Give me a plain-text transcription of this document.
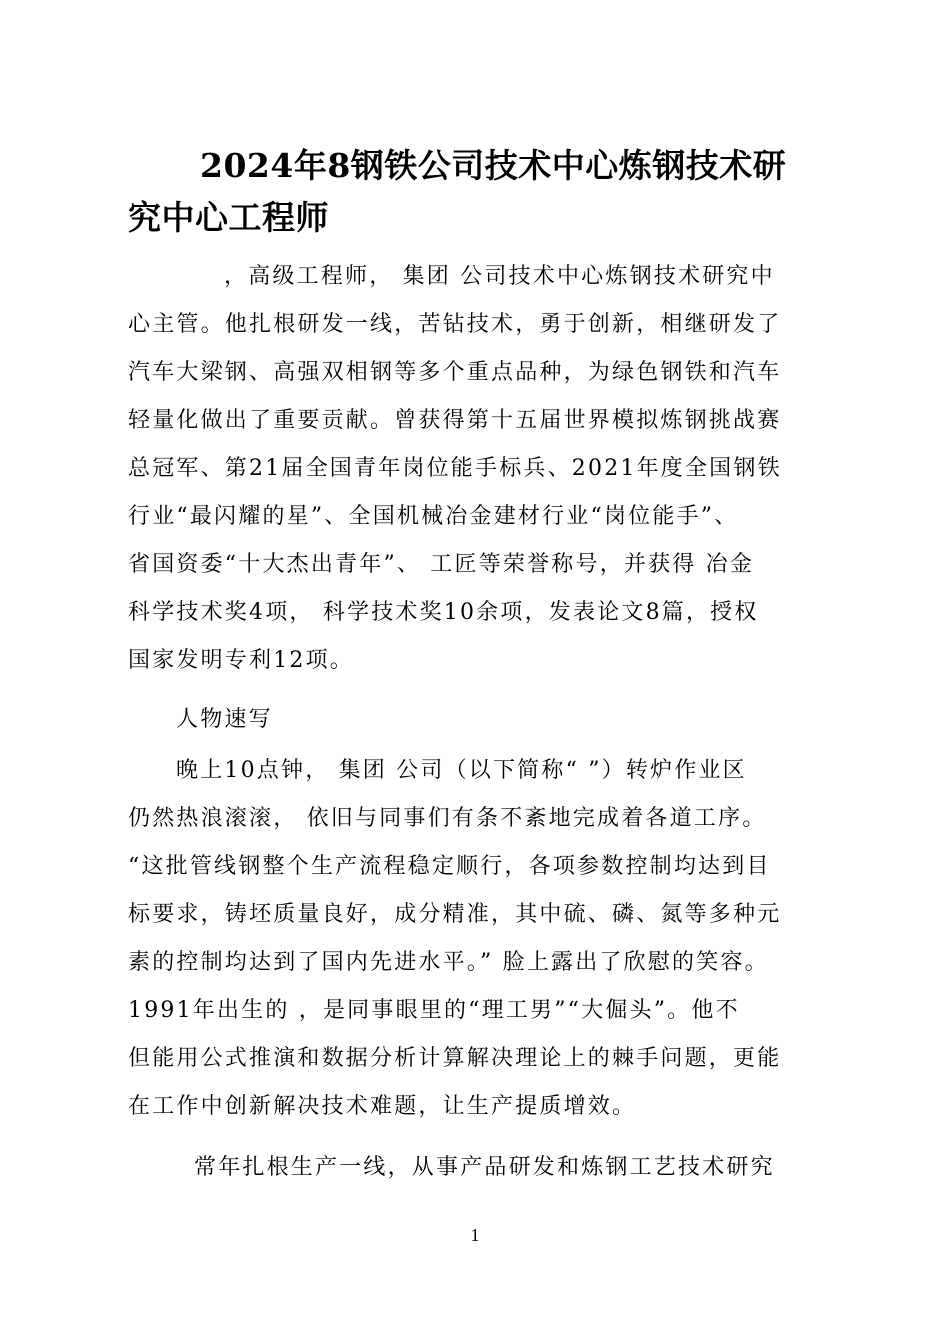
2024年8钢铁公司技术中心炼钢技术研
究中心工程师

，高级工程师， 集团 公司技术中心炼钢技术研究中

心主管。他扎根研发一线，苦钻技术，勇于创新，相继研发了

汽车大梁钢、高强双相钢等多个重点品种，为绿色钢铁和汽车

轻量化做出了重要贡献。曾获得第十五届世界模拟炼钢挑战赛

总冠军、第21届全国青年岗位能手标兵、2021年度全国钢铁

行业“最闪耀的星”、全国机械冶金建材行业“岗位能手”、

省国资委“十大杰出青年”、 工匠等荣誉称号，并获得 冶金

科学技术奖4项， 科学技术奖10余项，发表论文8篇，授权

国家发明专利12项。

人物速写

晚上10点钟， 集团 公司（以下简称“ ”）转炉作业区

仍然热浪滚滚， 依旧与同事们有条不紊地完成着各道工序。

“这批管线钢整个生产流程稳定顺行，各项参数控制均达到目

标要求，铸坯质量良好，成分精准，其中硫、磷、氮等多种元

素的控制均达到了国内先进水平。” 脸上露出了欣慰的笑容。

1991年出生的 ，是同事眼里的“理工男”“大倔头”。他不

但能用公式推演和数据分析计算解决理论上的棘手问题，更能

在工作中创新解决技术难题，让生产提质增效。

常年扎根生产一线，从事产品研发和炼钢工艺技术研究

1
